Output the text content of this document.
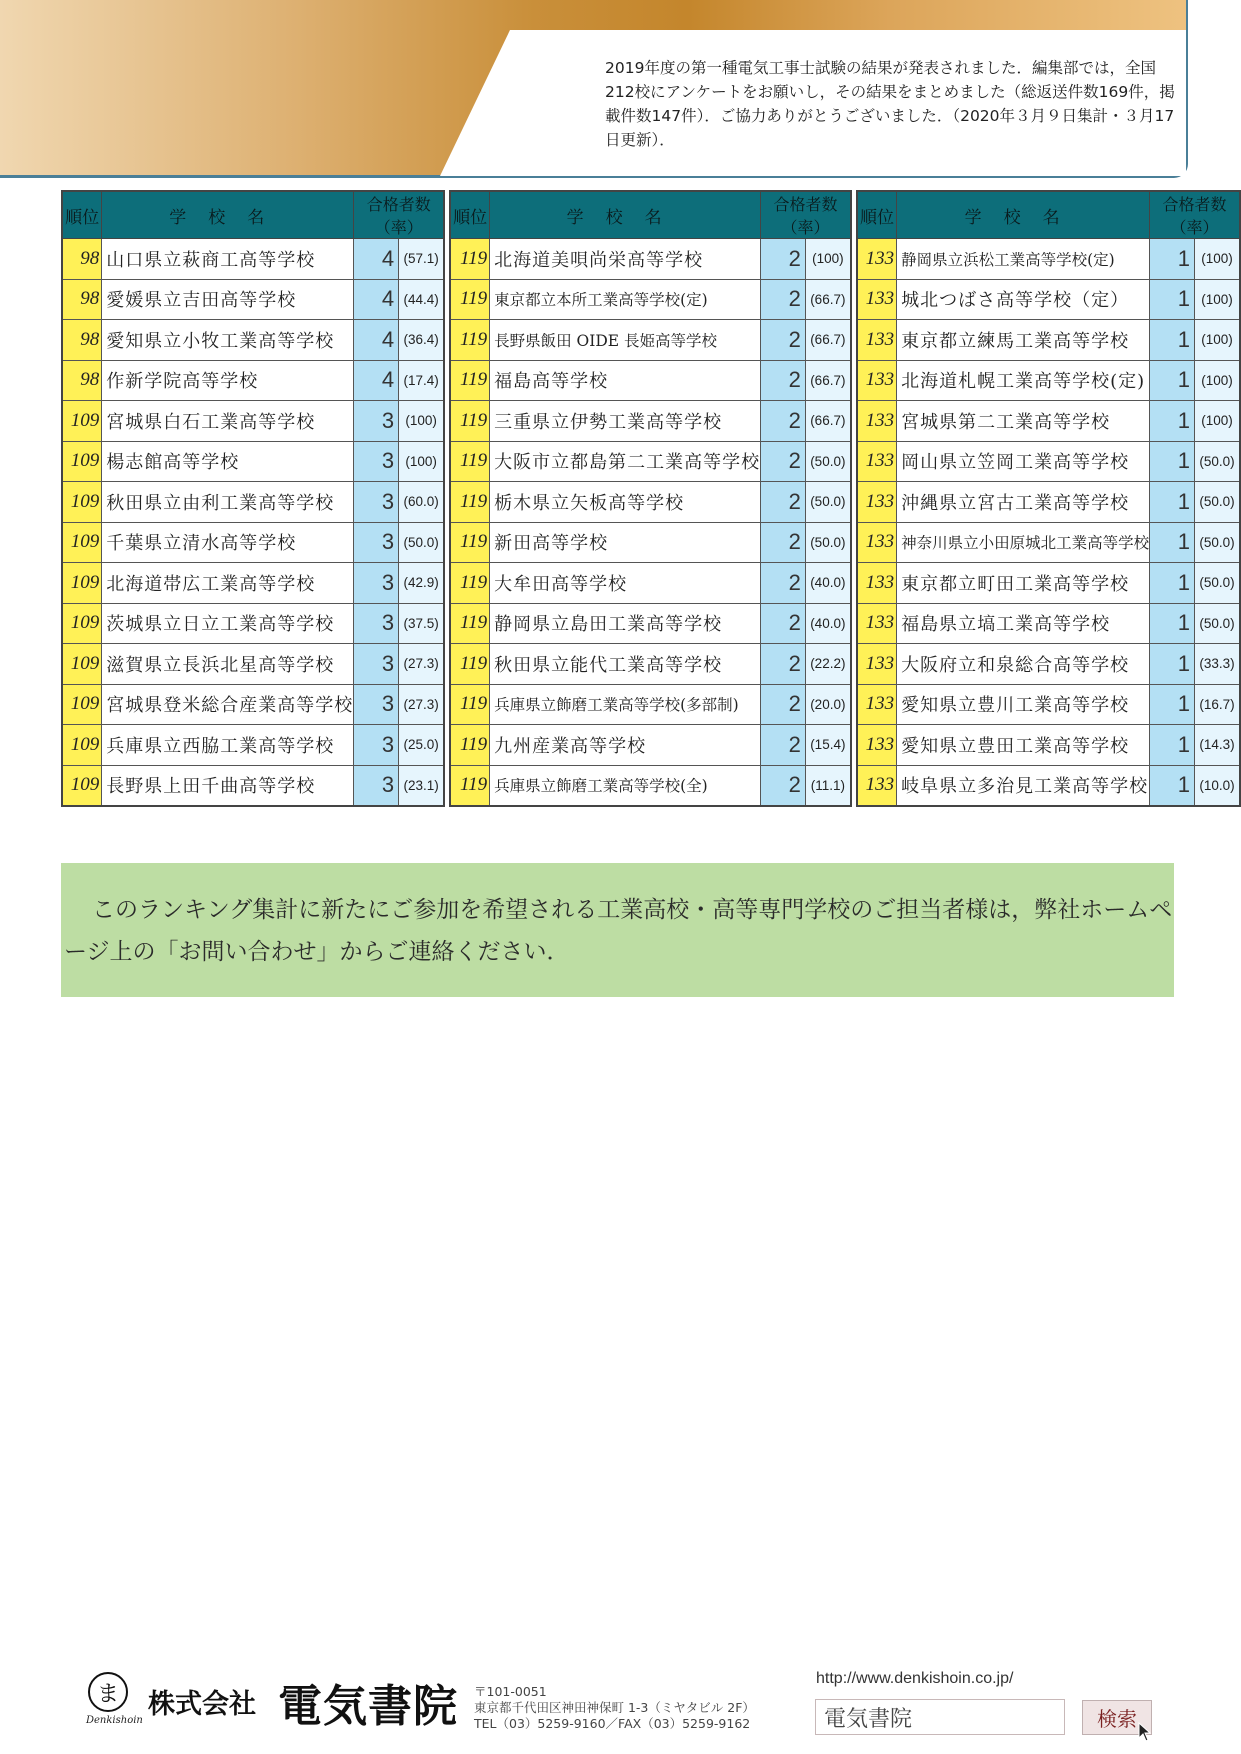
2019年度の第一種電気工事士試験の結果が発表されました．編集部では，全国212校にアンケートをお願いし，その結果をまとめました（総返送件数169件，掲載件数147件）．ご協力ありがとうございました．（2020年３月９日集計・３月17日更新）．
順位	学校名	合格者数（率）	
98	山口県立萩商工高等学校	4	(57.1)
98	愛媛県立吉田高等学校	4	(44.4)
98	愛知県立小牧工業高等学校	4	(36.4)
98	作新学院高等学校	4	(17.4)
109	宮城県白石工業高等学校	3	(100)
109	楊志館高等学校	3	(100)
109	秋田県立由利工業高等学校	3	(60.0)
109	千葉県立清水高等学校	3	(50.0)
109	北海道帯広工業高等学校	3	(42.9)
109	茨城県立日立工業高等学校	3	(37.5)
109	滋賀県立長浜北星高等学校	3	(27.3)
109	宮城県登米総合産業高等学校	3	(27.3)
109	兵庫県立西脇工業高等学校	3	(25.0)
109	長野県上田千曲高等学校	3	(23.1)
順位	学校名	合格者数（率）	
119	北海道美唄尚栄高等学校	2	(100)
119	東京都立本所工業高等学校(定)	2	(66.7)
119	長野県飯田 OIDE 長姫高等学校	2	(66.7)
119	福島高等学校	2	(66.7)
119	三重県立伊勢工業高等学校	2	(66.7)
119	大阪市立都島第二工業高等学校	2	(50.0)
119	栃木県立矢板高等学校	2	(50.0)
119	新田高等学校	2	(50.0)
119	大牟田高等学校	2	(40.0)
119	静岡県立島田工業高等学校	2	(40.0)
119	秋田県立能代工業高等学校	2	(22.2)
119	兵庫県立飾磨工業高等学校(多部制)	2	(20.0)
119	九州産業高等学校	2	(15.4)
119	兵庫県立飾磨工業高等学校(全)	2	(11.1)
順位	学校名	合格者数（率）	
133	静岡県立浜松工業高等学校(定)	1	(100)
133	城北つばさ高等学校（定）	1	(100)
133	東京都立練馬工業高等学校	1	(100)
133	北海道札幌工業高等学校(定)	1	(100)
133	宮城県第二工業高等学校	1	(100)
133	岡山県立笠岡工業高等学校	1	(50.0)
133	沖縄県立宮古工業高等学校	1	(50.0)
133	神奈川県立小田原城北工業高等学校	1	(50.0)
133	東京都立町田工業高等学校	1	(50.0)
133	福島県立塙工業高等学校	1	(50.0)
133	大阪府立和泉総合高等学校	1	(33.3)
133	愛知県立豊川工業高等学校	1	(16.7)
133	愛知県立豊田工業高等学校	1	(14.3)
133	岐阜県立多治見工業高等学校	1	(10.0)

このランキング集計に新たにご参加を希望される工業高校・高等専門学校のご担当者様は，弊社ホームページ上の「お問い合わせ」からご連絡ください．

ま
Denkishoin
株式会社 電気書院 〒101-0051
東京都千代田区神田神保町 1-3（ミヤタビル 2F）
TEL（03）5259-9160／FAX（03）5259-9162
http://www.denkishoin.co.jp/
電気書院	検索
